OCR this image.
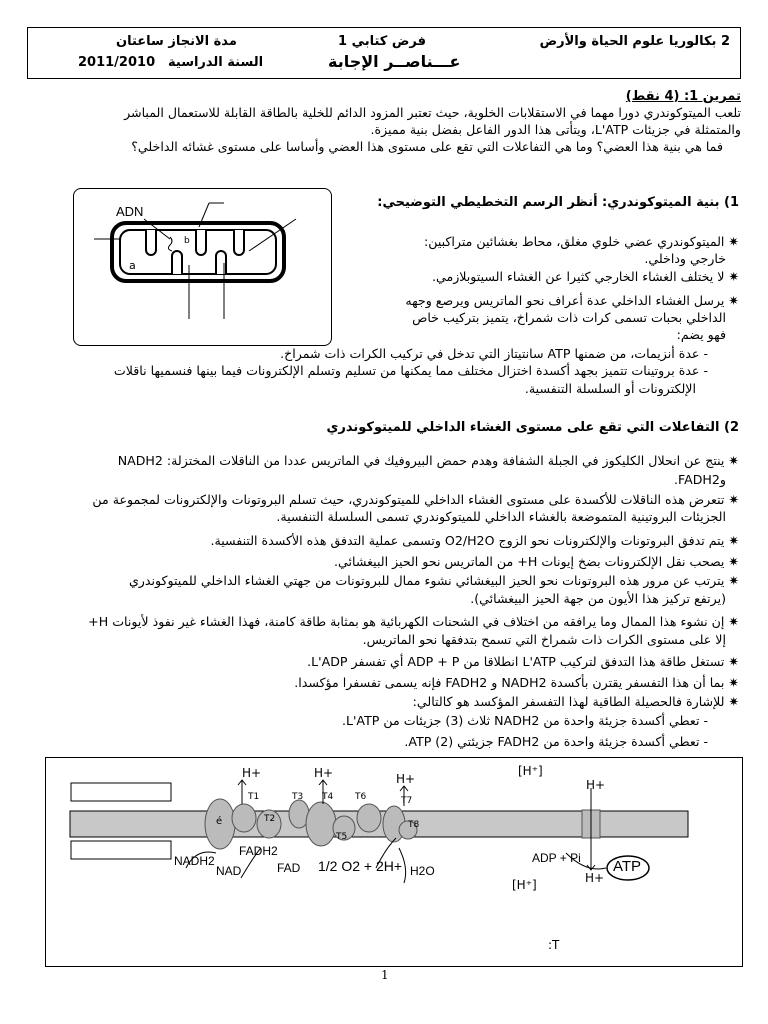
2 بكالوريا علوم الحياة والأرض
فرض كتابي 1
مدة الانجاز ساعتان
عـــناصــر الإجابة
السنة الدراسية
2011/2010
تمرين 1: (4 نقط)
تلعب الميتوكوندري دورا مهما في الاستقلابات الخلوية، حيث تعتبر المزود الدائم للخلية بالطاقة القابلة للاستعمال المباشر
والمتمثلة في جزيئات L'ATP، ويتأتى هذا الدور الفاعل بفضل بنية مميزة.
فما هي بنية هذا العضي؟ وما هي التفاعلات التي تقع على مستوى هذا العضي وأساسا على مستوى غشائه الداخلي؟
1) بنية الميتوكوندري: أنظر الرسم التخطيطي التوضيحي:
ADN
a
b	✷ الميتوكوندري عضي خلوي مغلق، محاط بغشائين متراكبين:
خارجي وداخلي.
✷ لا يختلف الغشاء الخارجي كثيرا عن الغشاء السيتوبلازمي.
✷ يرسل الغشاء الداخلي عدة أعراف نحو الماتريس ويرصع وجهه
الداخلي بحبات تسمى كرات ذات شمراخ، يتميز بتركيب خاص
فهو يضم:
- عدة أنزيمات، من ضمنها ATP سانتيتاز التي تدخل في تركيب الكرات ذات شمراخ.
- عدة بروتينات تتميز بجهد أكسدة اختزال مختلف مما يمكنها من تسليم وتسلم الإلكترونات فيما بينها فنسميها ناقلات
الإلكترونات أو السلسلة التنفسية.
2) التفاعلات التي تقع على مستوى الغشاء الداخلي للميتوكوندري
✷ ينتج عن انحلال الكليكوز في الجبلة الشفافة وهدم حمض البيروفيك في الماتريس عددا من الناقلات المختزلة: NADH2
وFADH2.
✷ تتعرض هذه الناقلات للأكسدة على مستوى الغشاء الداخلي للميتوكوندري، حيث تسلم البروتونات والإلكترونات لمجموعة من
الجزيئات البروتينية المتموضعة بالغشاء الداخلي للميتوكوندري تسمى السلسلة التنفسية.
✷ يتم تدفق البروتونات والإلكترونات نحو الزوج O2/H2O وتسمى عملية التدفق هذه الأكسدة التنفسية.
✷ يصحب نقل الإلكترونات بضخ إيونات H+ من الماتريس نحو الحيز البيغشائي.
✷ يترتب عن مرور هذه البروتونات نحو الحيز البيغشائي نشوء ممال للبروتونات من جهتي الغشاء الداخلي للميتوكوندري
(يرتفع تركيز هذا الأيون من جهة الحيز البيغشائي).
✷ إن نشوء هذا الممال وما يرافقه من اختلاف في الشحنات الكهربائية هو بمثابة طاقة كامنة، فهذا الغشاء غير نفوذ لأيونات H+
إلا على مستوى الكرات ذات شمراخ التي تسمح بتدفقها نحو الماتريس.
✷ تستغل طاقة هذا التدفق لتركيب L'ATP انطلاقا من ADP + P أي تفسفر L'ADP.
✷ بما أن هذا التفسفر يقترن بأكسدة NADH2 و FADH2 فإنه يسمى تفسفرا مؤكسدا.
✷ للإشارة فالحصيلة الطاقية لهذا التفسفر المؤكسد هو كالتالي:
- تعطي أكسدة جزيئة واحدة من NADH2 ثلاث (3) جزيئات من L'ATP.
- تعطي أكسدة جزيئة واحدة من FADH2 جزيئتي (2) ATP.
H+	H+	H+	H+
H+
[H⁺]
[H⁺]
T1
T2
T3 T4
T5
T6	T7
T8
é
NADH2
NAD
FADH2
FAD 1/2 O2 + 2H+ H2O
ADP + Pi ATP
:T
1
